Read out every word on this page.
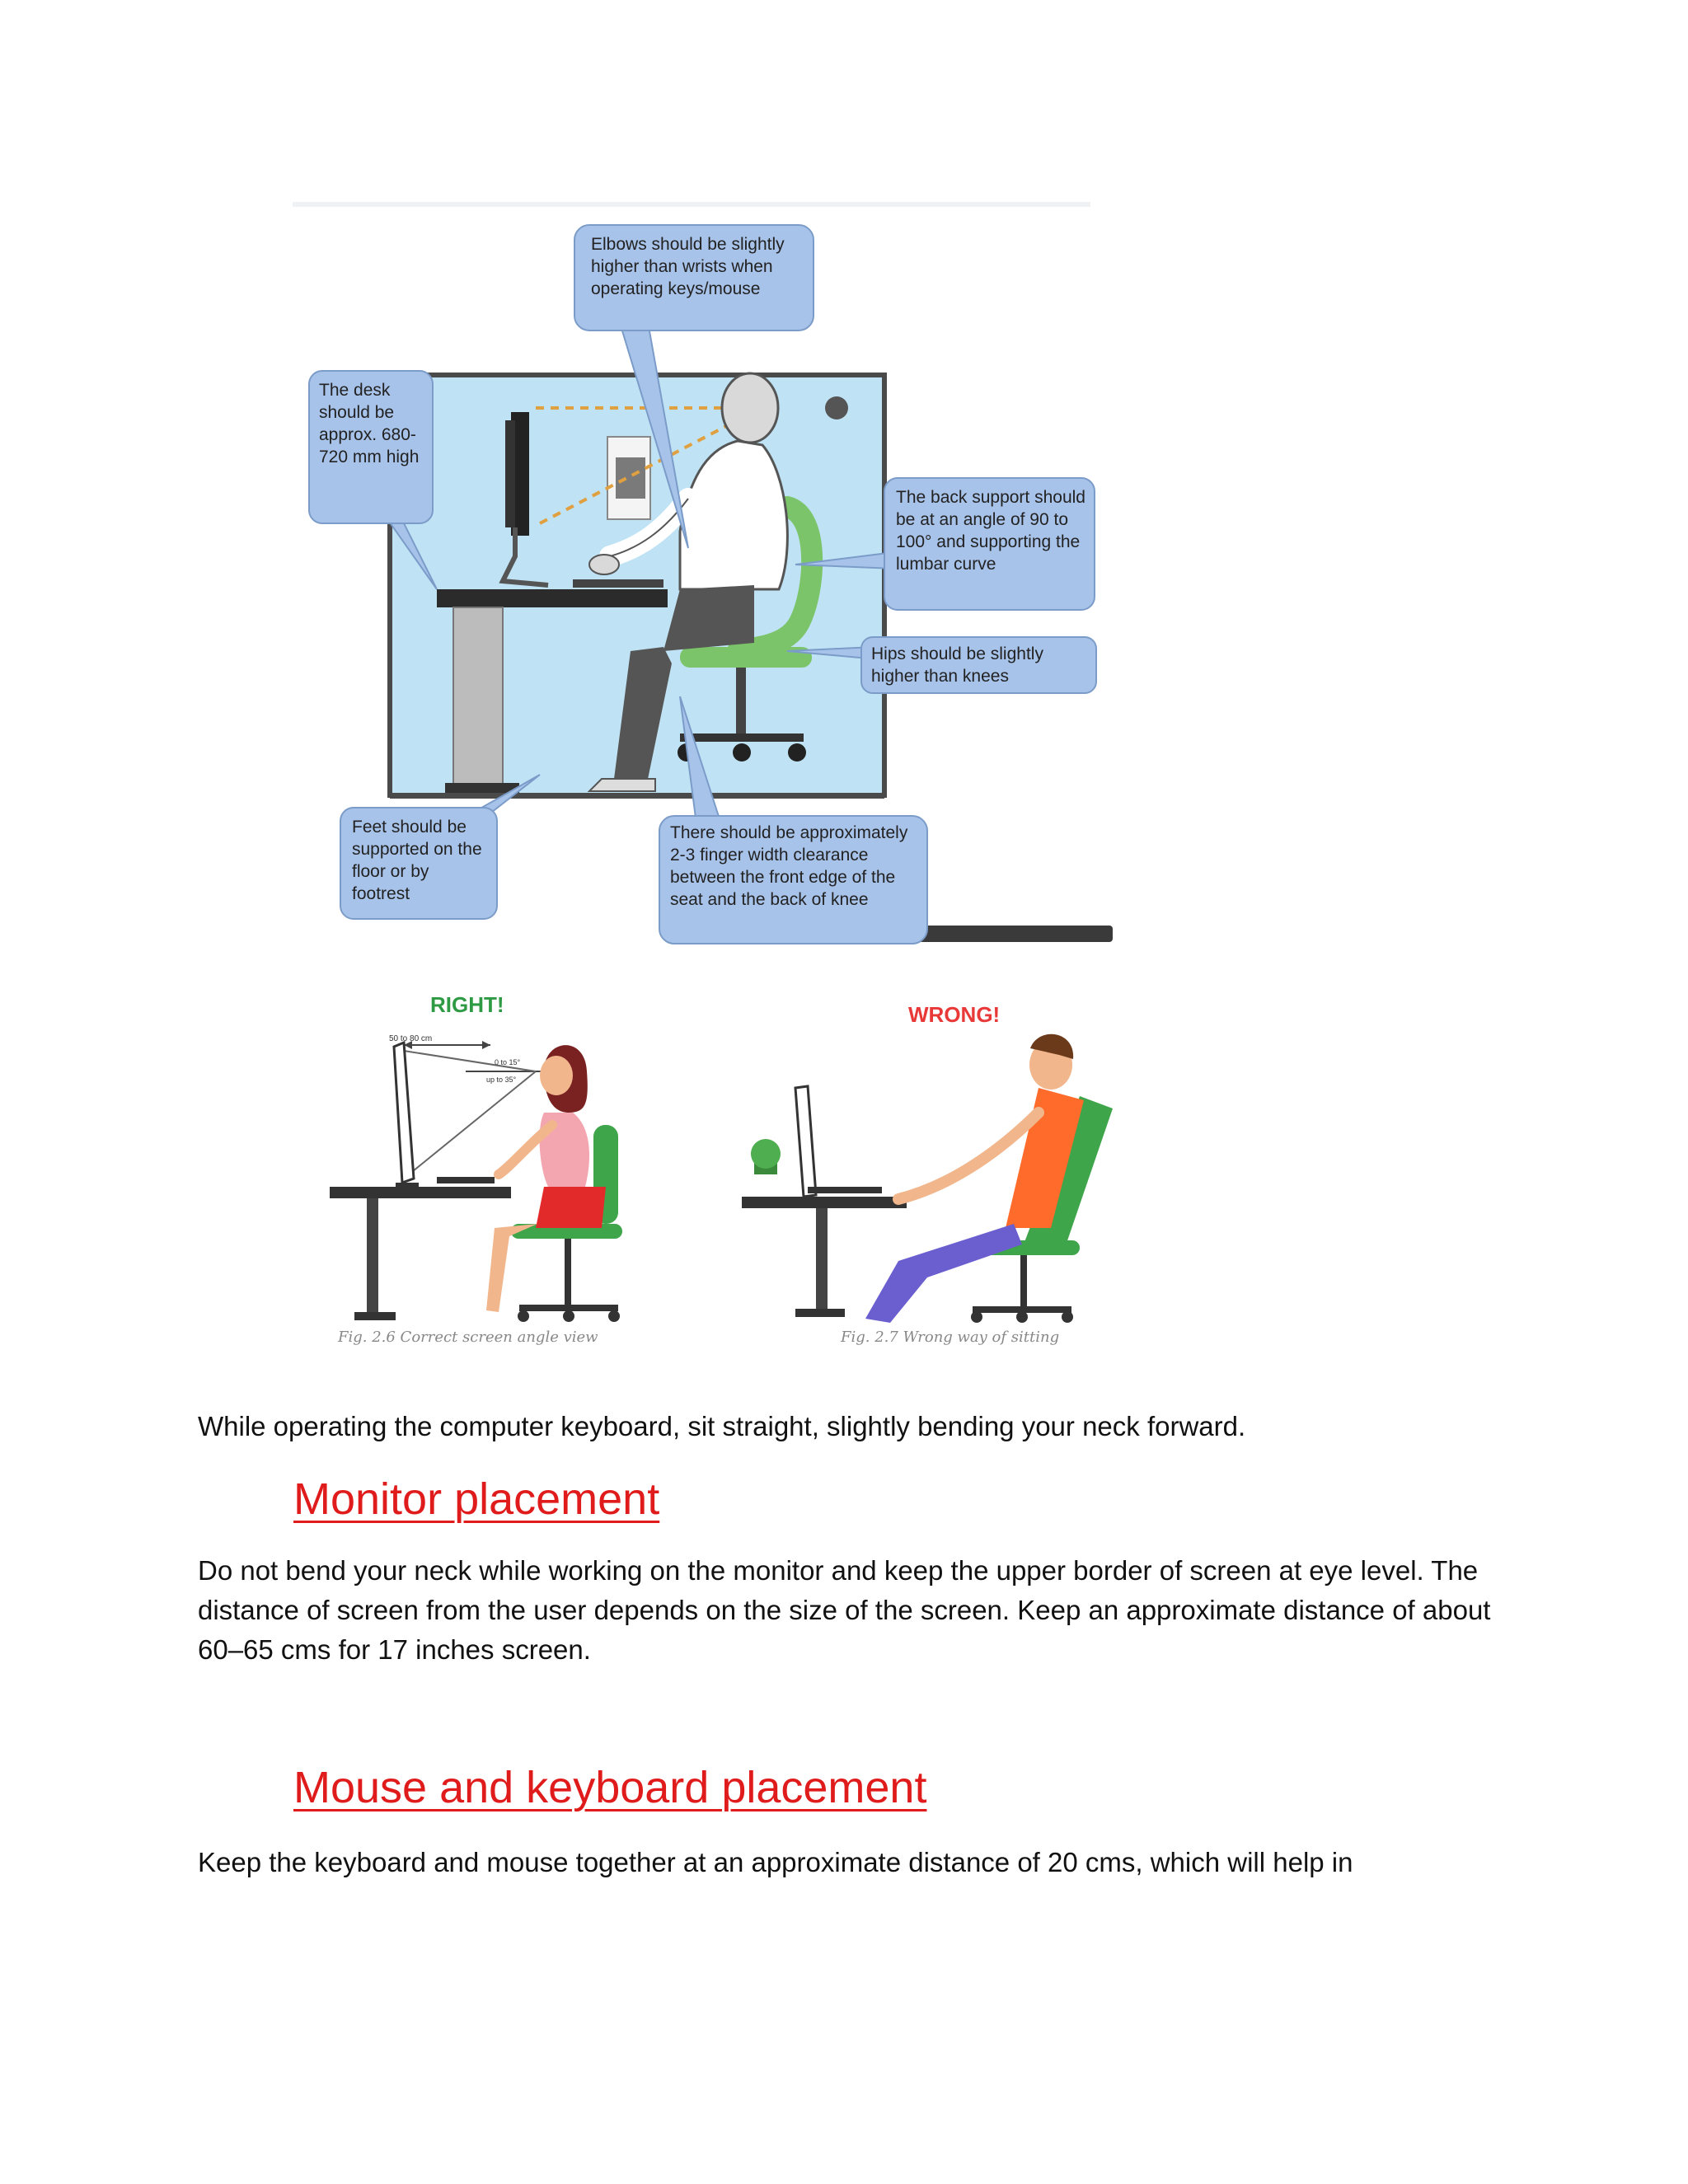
Elbows should be slightly higher than wrists when operating keys/mouse
The desk should be approx. 680-720 mm high
The back support should be at an angle of 90 to 100° and supporting the lumbar curve
Hips should be slightly higher than knees
Feet should be supported on the floor or by footrest
There should be approximately 2-3 finger width clearance between the front edge of the seat and the back of knee
RIGHT!
50 to 80 cm
0 to 15°
up to 35°
Fig. 2.6 Correct screen angle view
WRONG!
Fig. 2.7 Wrong way of sitting

While operating the computer keyboard, sit straight, slightly bending your neck forward.

Monitor placement

Do not bend your neck while working on the monitor and keep the upper border of screen at eye level. The distance of screen from the user depends on the size of the screen. Keep an approximate distance of about 60–65 cms for 17 inches screen.

Mouse and keyboard placement

Keep the keyboard and mouse together at an approximate distance of 20 cms, which will help in
